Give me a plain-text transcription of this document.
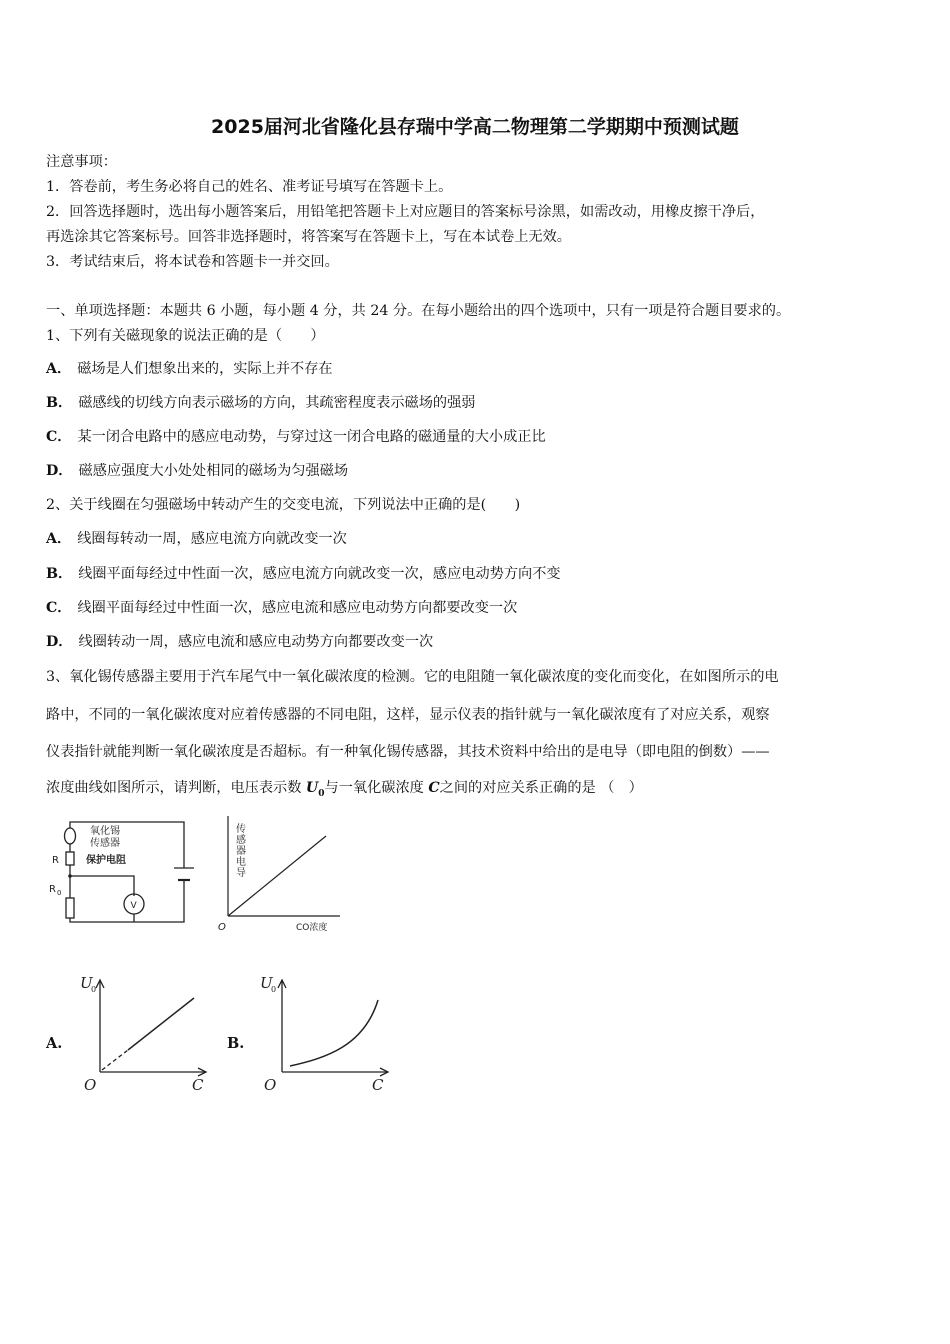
2025届河北省隆化县存瑞中学高二物理第二学期期中预测试题
注意事项：
1．答卷前，考生务必将自己的姓名、准考证号填写在答题卡上。
2．回答选择题时，选出每小题答案后，用铅笔把答题卡上对应题目的答案标号涂黑，如需改动，用橡皮擦干净后，
再选涂其它答案标号。回答非选择题时，将答案写在答题卡上，写在本试卷上无效。
3．考试结束后，将本试卷和答题卡一并交回。
一、单项选择题：本题共 6 小题，每小题 4 分，共 24 分。在每小题给出的四个选项中，只有一项是符合题目要求的。
1、下列有关磁现象的说法正确的是（　　）
A． 磁场是人们想象出来的，实际上并不存在
B． 磁感线的切线方向表示磁场的方向，其疏密程度表示磁场的强弱
C． 某一闭合电路中的感应电动势，与穿过这一闭合电路的磁通量的大小成正比
D． 磁感应强度大小处处相同的磁场为匀强磁场
2、关于线圈在匀强磁场中转动产生的交变电流，下列说法中正确的是(　　)
A． 线圈每转动一周，感应电流方向就改变一次
B． 线圈平面每经过中性面一次，感应电流方向就改变一次，感应电动势方向不变
C． 线圈平面每经过中性面一次，感应电流和感应电动势方向都要改变一次
D． 线圈转动一周，感应电流和感应电动势方向都要改变一次
3、氧化锡传感器主要用于汽车尾气中一氧化碳浓度的检测。它的电阻随一氧化碳浓度的变化而变化，在如图所示的电
路中，不同的一氧化碳浓度对应着传感器的不同电阻，这样，显示仪表的指针就与一氧化碳浓度有了对应关系，观察
仪表指针就能判断一氧化碳浓度是否超标。有一种氧化锡传感器，其技术资料中给出的是电导（即电阻的倒数）——
浓度曲线如图所示，请判断，电压表示数 $U_0$与一氧化碳浓度 C之间的对应关系正确的是 （　）
氧化锡
传感器
R	保护电阻
R 0
V
传
感
器
电
导
O	CO浓度
A.
U
0
O	C
B.
U
0
O	C
